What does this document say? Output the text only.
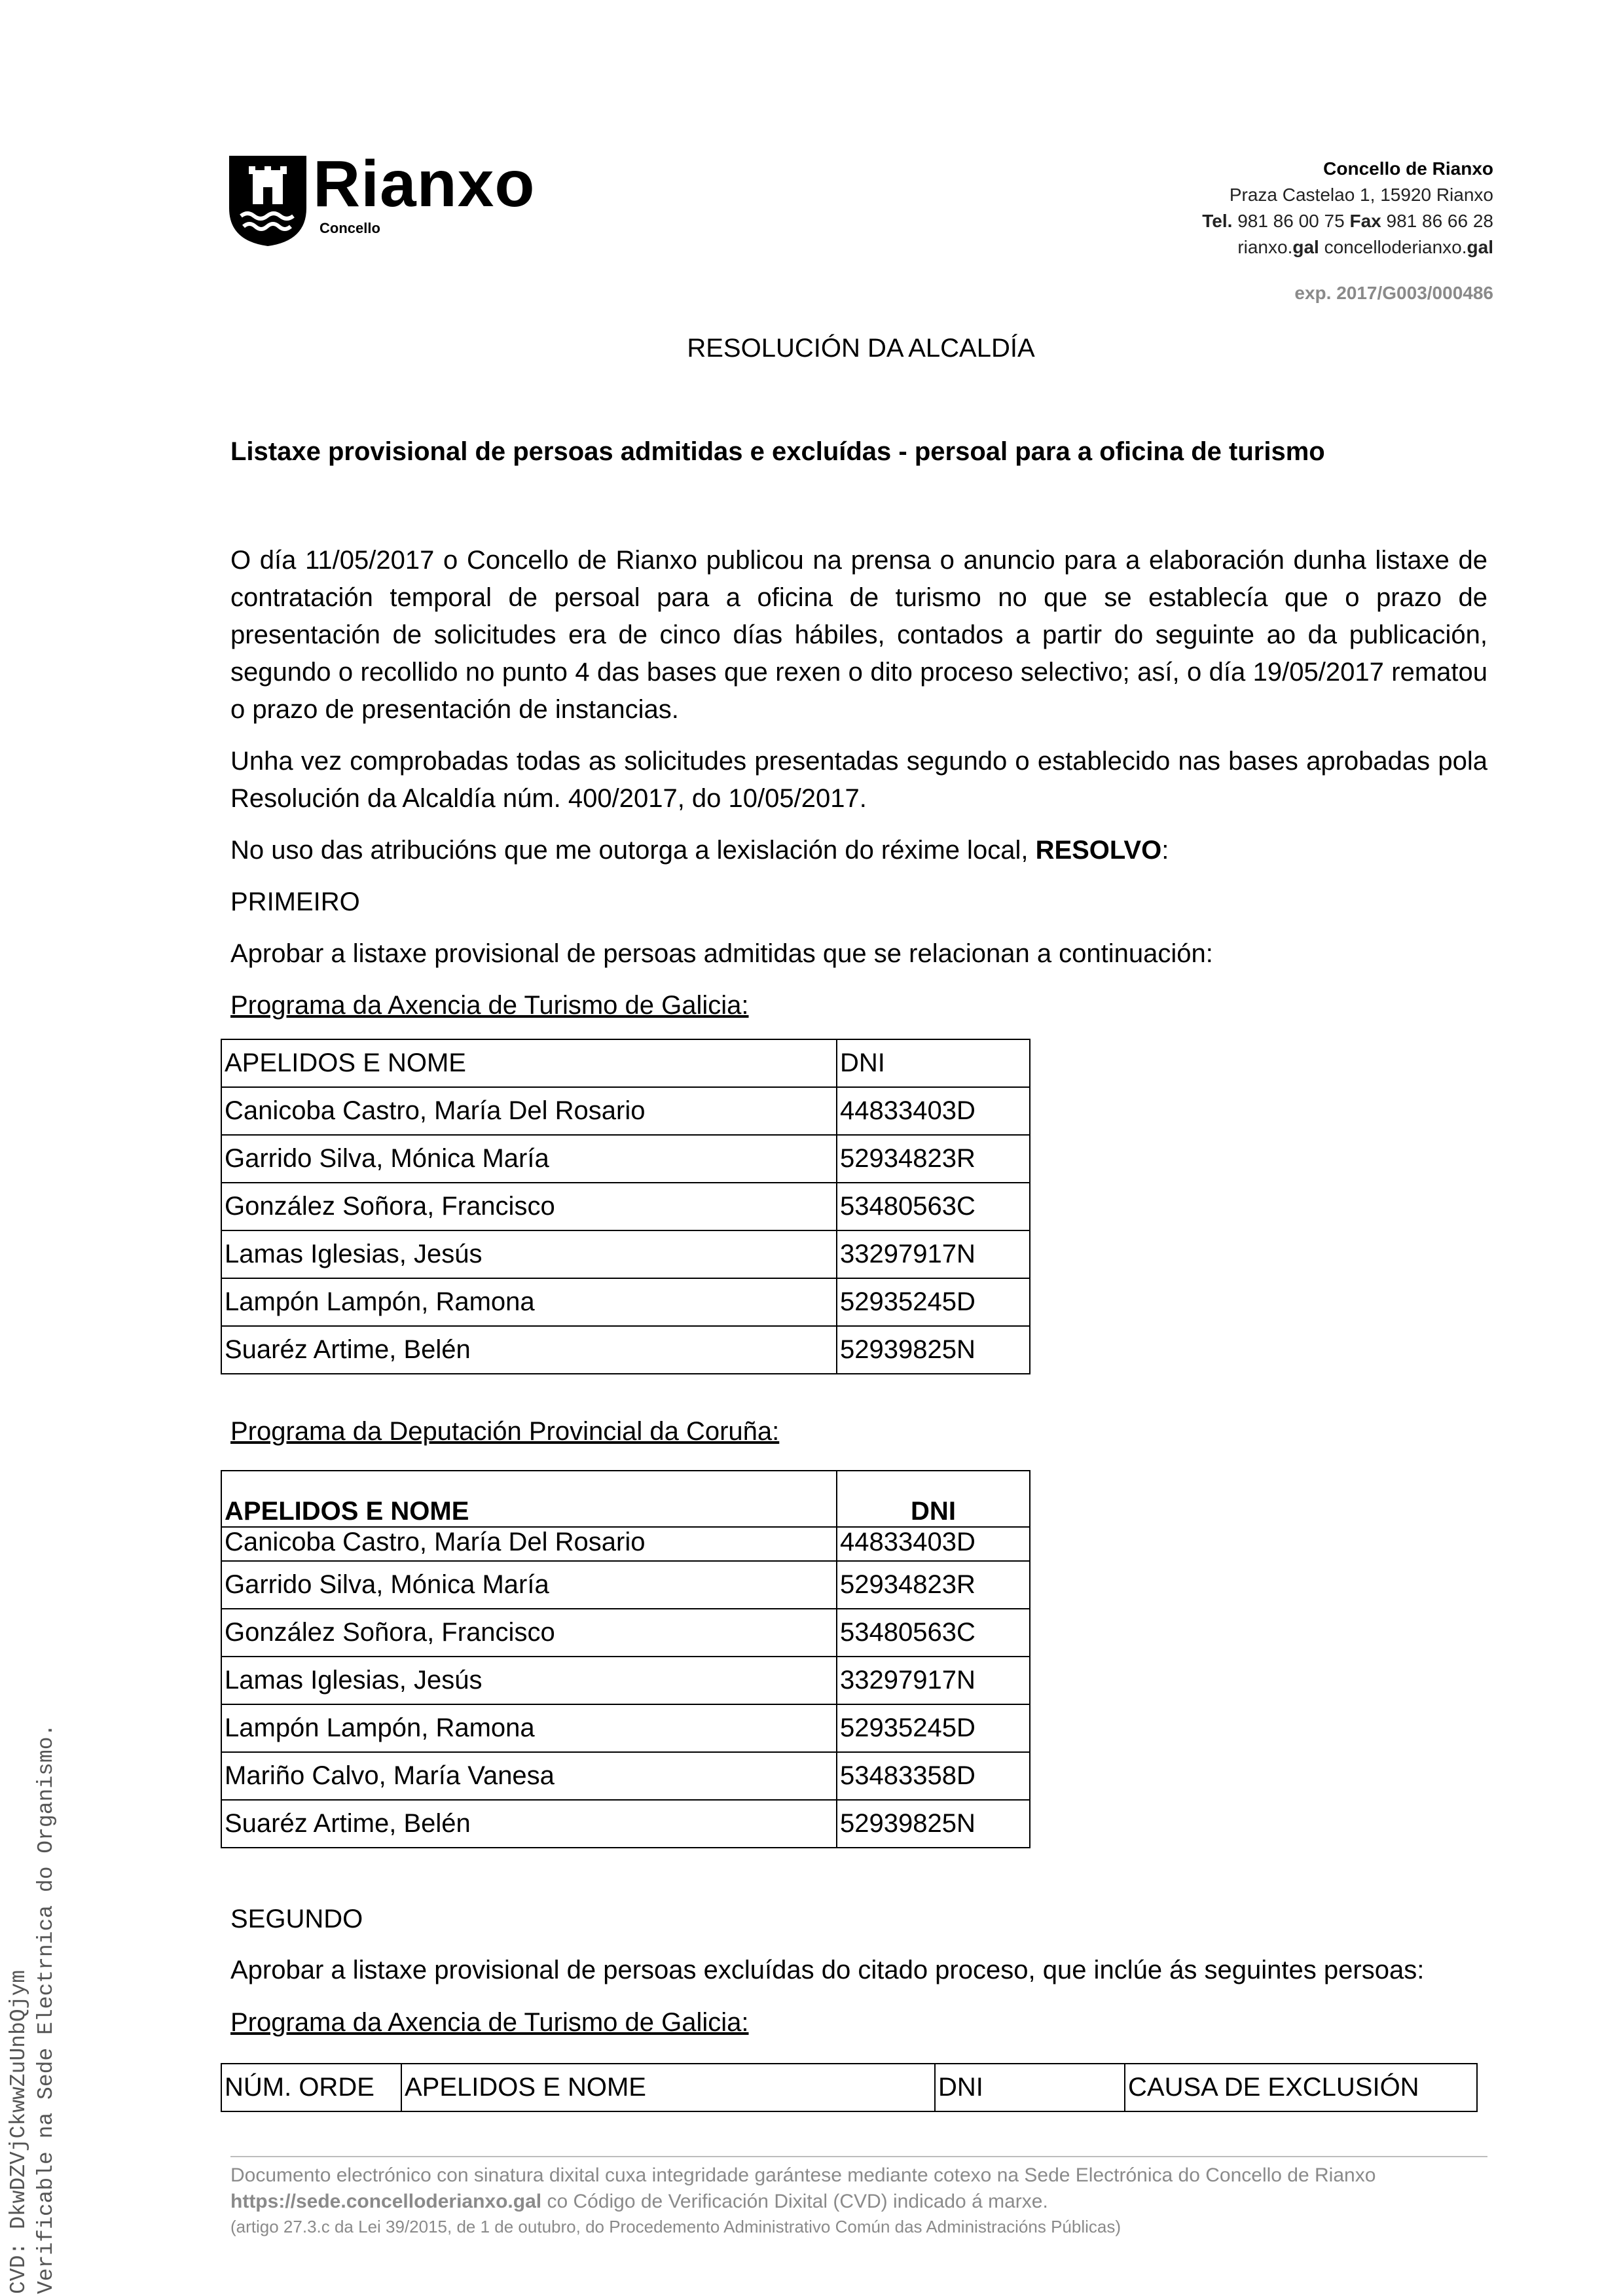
Rianxo
Concello
Concello de Rianxo
Praza Castelao 1, 15920 Rianxo
Tel. 981 86 00 75 Fax 981 86 66 28
rianxo.gal concelloderianxo.gal
exp. 2017/G003/000486
RESOLUCIÓN DA ALCALDÍA
Listaxe provisional de persoas admitidas e excluídas - persoal para a oficina de turismo

O día 11/05/2017 o Concello de Rianxo publicou na prensa o anuncio para a elaboración dunha listaxe de contratación temporal de persoal para a oficina de turismo no que se establecía que o prazo de presentación de solicitudes era de cinco días hábiles, contados a partir do seguinte ao da publicación, segundo o recollido no punto 4 das bases que rexen o dito proceso selectivo; así, o día 19/05/2017 rematou o prazo de presentación de instancias.

Unha vez comprobadas todas as solicitudes presentadas segundo o establecido nas bases aprobadas pola Resolución da Alcaldía núm. 400/2017, do 10/05/2017.

No uso das atribucións que me outorga a lexislación do réxime local, RESOLVO:

PRIMEIRO

Aprobar a listaxe provisional de persoas admitidas que se relacionan a continuación:

Programa da Axencia de Turismo de Galicia:

Programa da Deputación Provincial da Coruña:
SEGUNDO
Aprobar a listaxe provisional de persoas excluídas do citado proceso, que inclúe ás seguintes persoas:
Programa da Axencia de Turismo de Galicia:
APELIDOS E NOME	DNI
Canicoba Castro, María Del Rosario	44833403D
Garrido Silva, Mónica María	52934823R
González Soñora, Francisco	53480563C
Lamas Iglesias, Jesús	33297917N
Lampón Lampón, Ramona	52935245D
Suaréz Artime, Belén	52939825N
APELIDOS E NOME	DNI
Canicoba Castro, María Del Rosario	44833403D
Garrido Silva, Mónica María	52934823R
González Soñora, Francisco	53480563C
Lamas Iglesias, Jesús	33297917N
Lampón Lampón, Ramona	52935245D
Mariño Calvo, María Vanesa	53483358D
Suaréz Artime, Belén	52939825N
NÚM. ORDE	APELIDOS E NOME	DNI	CAUSA DE EXCLUSIÓN
Documento electrónico con sinatura dixital cuxa integridade garántese mediante cotexo na Sede Electrónica do Concello de Rianxo
https://sede.concelloderianxo.gal co Código de Verificación Dixital (CVD) indicado á marxe.
(artigo 27.3.c da Lei 39/2015, de 1 de outubro, do Procedemento Administrativo Común das Administracións Públicas)
CVD: DkwDZVjCkwwZuUnbQjym Verificable na Sede Electrnica do Organismo.
